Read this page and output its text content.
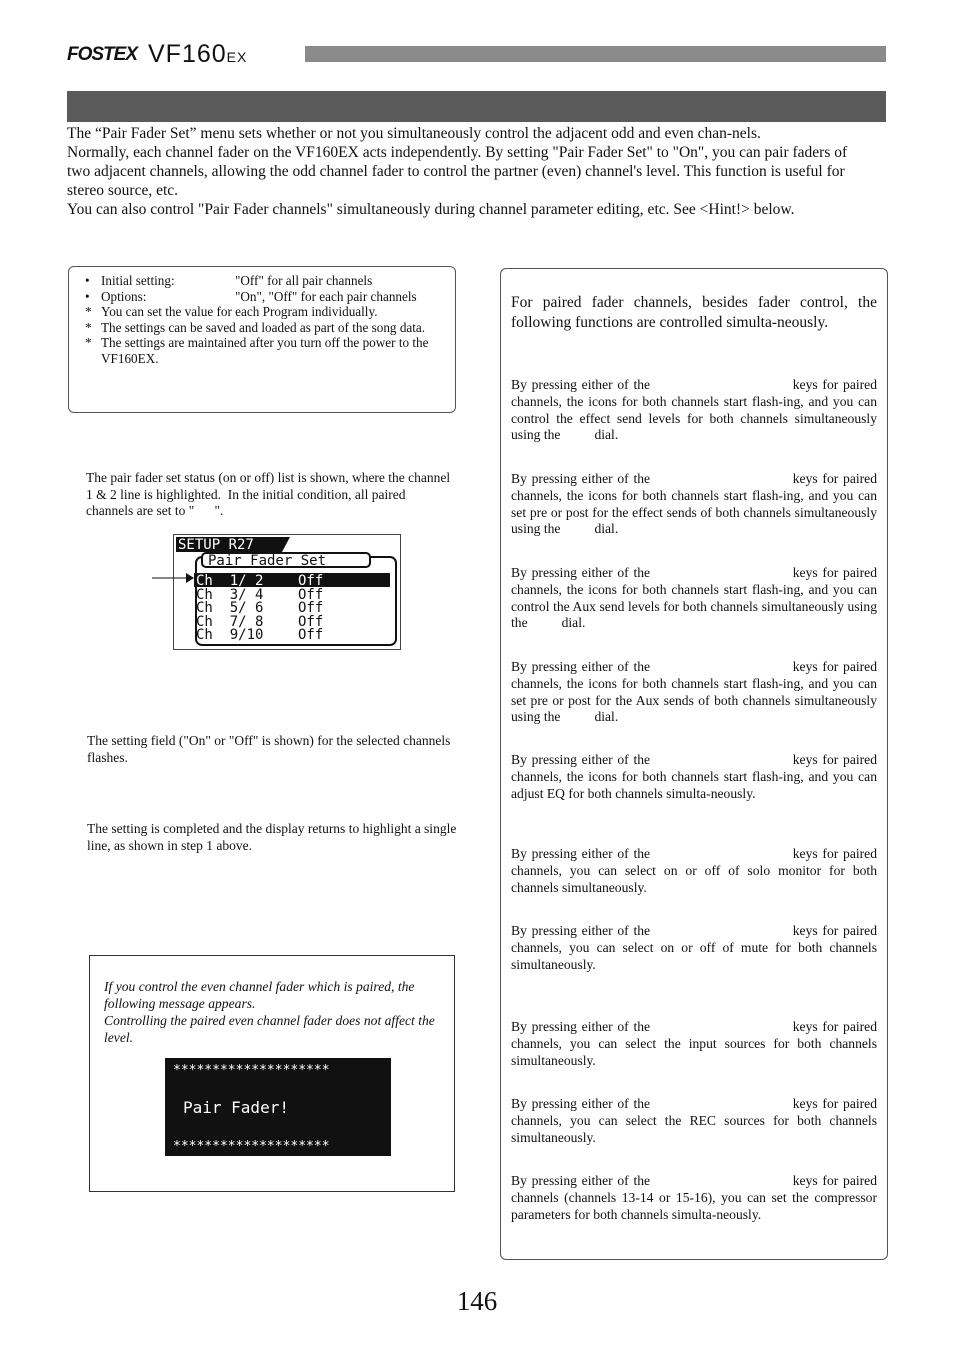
FOSTEX VF160EX

The “Pair Fader Set” menu sets whether or not you simultaneously control the adjacent odd and even chan-nels.

Normally, each channel fader on the VF160EX acts independently. By setting "Pair Fader Set" to "On", you can pair faders of two adjacent channels, allowing the odd channel fader to control the partner (even) channel's level. This function is useful for stereo source, etc.

You can also control "Pair Fader channels" simultaneously during channel parameter editing, etc. See <Hint!> below.

•	Initial setting:	"Off" for all pair channels
•	Options:	"On", "Off" for each pair channels
*	You can set the value for each Program individually.	
*	The settings can be saved and loaded as part of the song data.	
*	The settings are maintained after you turn off the power to the VF160EX.	
The pair fader set status (on or off) list is shown, where the channel 1 & 2 line is highlighted.  In the initial condition, all paired channels are set to "      ".
SETUP R27
Pair Fader Set
Ch  1/ 2 Off
Ch  3/ 4 Off
Ch  5/ 6 Off
Ch  7/ 8 Off
Ch  9/10 Off
The setting field ("On" or "Off" is shown) for the selected channels flashes.
The setting is completed and the display returns to highlight a single line, as shown in step 1 above.

If you control the even channel fader which is paired, the following message appears.

Controlling the paired even channel fader does not affect the level.

********************
Pair Fader!
********************
For paired fader channels, besides fader control, the following functions are controlled simulta-neously.
By pressing either of the                              keys for paired channels, the icons for both channels start flash-ing, and you can control the effect send levels for both channels simultaneously using the          dial.
By pressing either of the                              keys for paired channels, the icons for both channels start flash-ing, and you can set pre or post for the effect sends of both channels simultaneously using the          dial.
By pressing either of the                              keys for paired channels, the icons for both channels start flash-ing, and you can control the Aux send levels for both channels simultaneously using the          dial.
By pressing either of the                              keys for paired channels, the icons for both channels start flash-ing, and you can set pre or post for the Aux sends of both channels simultaneously using the          dial.
By pressing either of the                              keys for paired channels, the icons for both channels start flash-ing, and you can adjust EQ for both channels simulta-neously.
By pressing either of the                              keys for paired channels, you can select on or off of solo monitor for both channels simultaneously.
By pressing either of the                              keys for paired channels, you can select on or off of mute for both channels simultaneously.
By pressing either of the                              keys for paired channels, you can select the input sources for both channels simultaneously.
By pressing either of the                              keys for paired channels, you can select the REC sources for both channels simultaneously.
By pressing either of the                              keys for paired channels (channels 13-14 or 15-16), you can set the compressor parameters for both channels simulta-neously.
146
